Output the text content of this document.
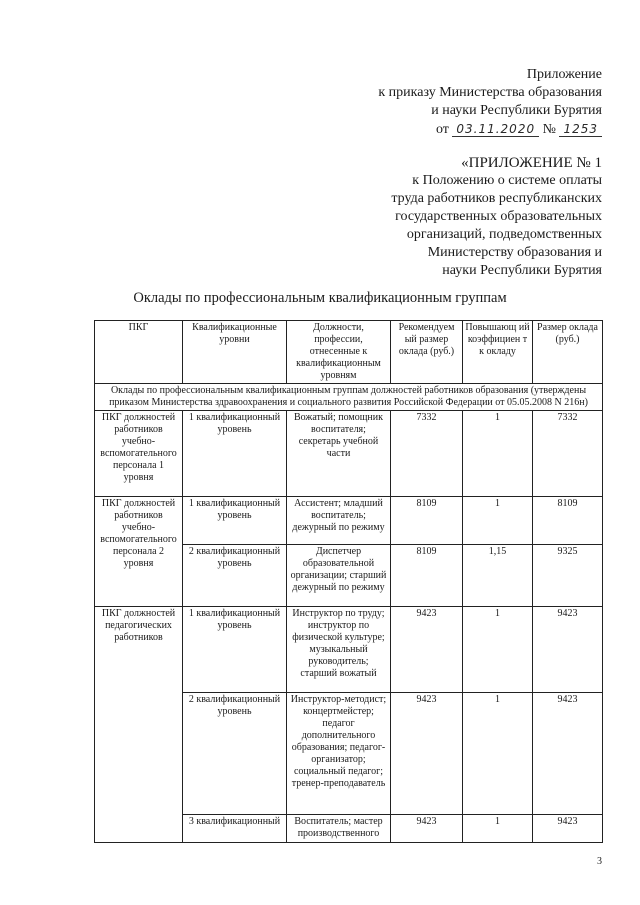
Приложение
к приказу Министерства образования
и науки Республики Бурятия
от 03.11.2020 № 1253
«ПРИЛОЖЕНИЕ № 1
к Положению о системе оплаты
труда работников республиканских
государственных образовательных
организаций, подведомственных
Министерству образования и
науки Республики Бурятия
Оклады по профессиональным квалификационным группам
ПКГ	Квалификационные уровни	Должности, профессии, отнесенные к квалификационным уровням	Рекомендуем ый размер оклада (руб.)	Повышающ ий коэффициен т к окладу	Размер оклада (руб.)
Оклады по профессиональным квалификационным группам должностей работников образования (утверждены приказом Министерства здравоохранения и социального развития Российской Федерации от 05.05.2008 N 216н)					
ПКГ должностей работников учебно-вспомогательного персонала 1 уровня	1 квалификационный уровень	Вожатый; помощник воспитателя; секретарь учебной части	7332	1	7332
ПКГ должностей работников учебно-вспомогательного персонала 2 уровня	1 квалификационный уровень	Ассистент; младший воспитатель; дежурный по режиму	8109	1	8109
	2 квалификационный уровень	Диспетчер образовательной организации; старший дежурный по режиму	8109	1,15	9325
ПКГ должностей педагогических работников	1 квалификационный уровень	Инструктор по труду; инструктор по физической культуре; музыкальный руководитель; старший вожатый	9423	1	9423
	2 квалификационный уровень	Инструктор-методист; концертмейстер; педагог дополнительного образования; педагог-организатор; социальный педагог; тренер-преподаватель	9423	1	9423
	3 квалификационный	Воспитатель; мастер производственного	9423	1	9423
3
